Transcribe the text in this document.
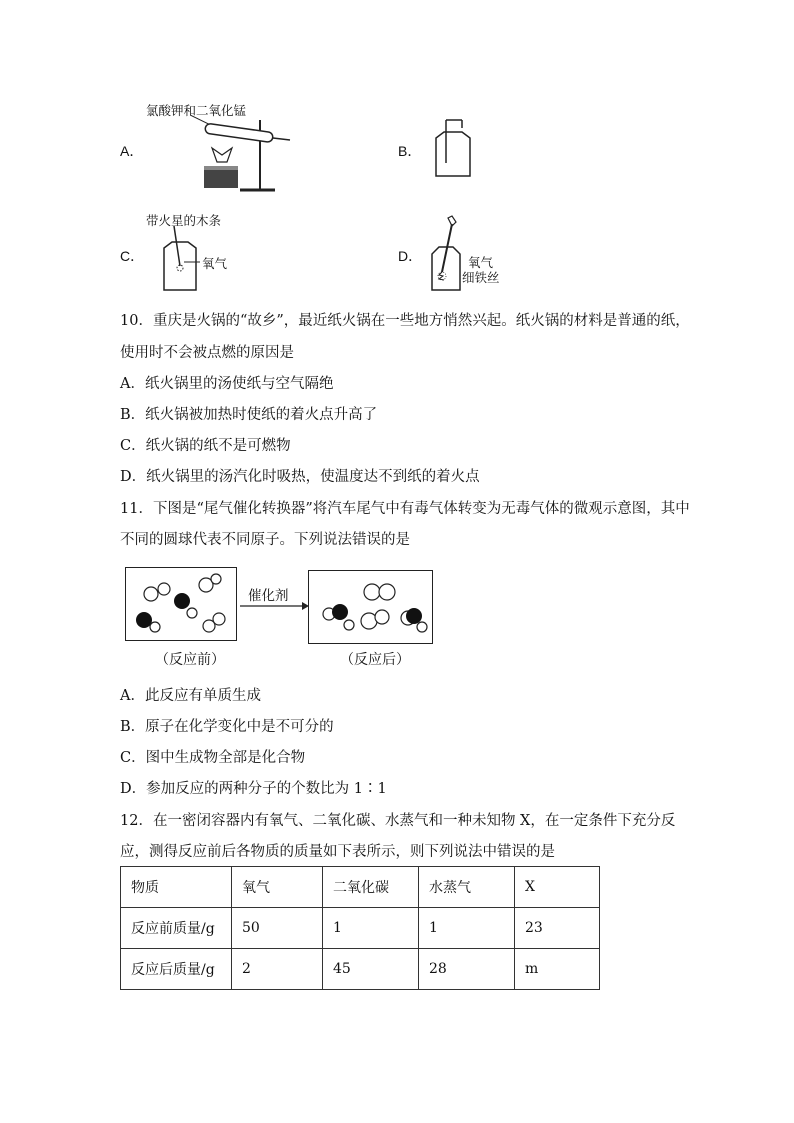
A．
氯酸钾和二氧化锰
B．
C．
带火星的木条
氧气	D．	氧气
细铁丝
10．重庆是火锅的“故乡”，最近纸火锅在一些地方悄然兴起。纸火锅的材料是普通的纸，
使用时不会被点燃的原因是
A．纸火锅里的汤使纸与空气隔绝
B．纸火锅被加热时使纸的着火点升高了
C．纸火锅的纸不是可燃物
D．纸火锅里的汤汽化时吸热，使温度达不到纸的着火点
11．下图是“尾气催化转换器”将汽车尾气中有毒气体转变为无毒气体的微观示意图，其中
不同的圆球代表不同原子。下列说法错误的是
催化剂
（反应前）	（反应后）
A．此反应有单质生成
B．原子在化学变化中是不可分的
C．图中生成物全部是化合物
D．参加反应的两种分子的个数比为 1∶1
12．在一密闭容器内有氧气、二氧化碳、水蒸气和一种未知物 X，在一定条件下充分反
应，测得反应前后各物质的质量如下表所示，则下列说法中错误的是
物质	氧气	二氧化碳	水蒸气	X
反应前质量/g	50	1	1	23
反应后质量/g	2	45	28	m
